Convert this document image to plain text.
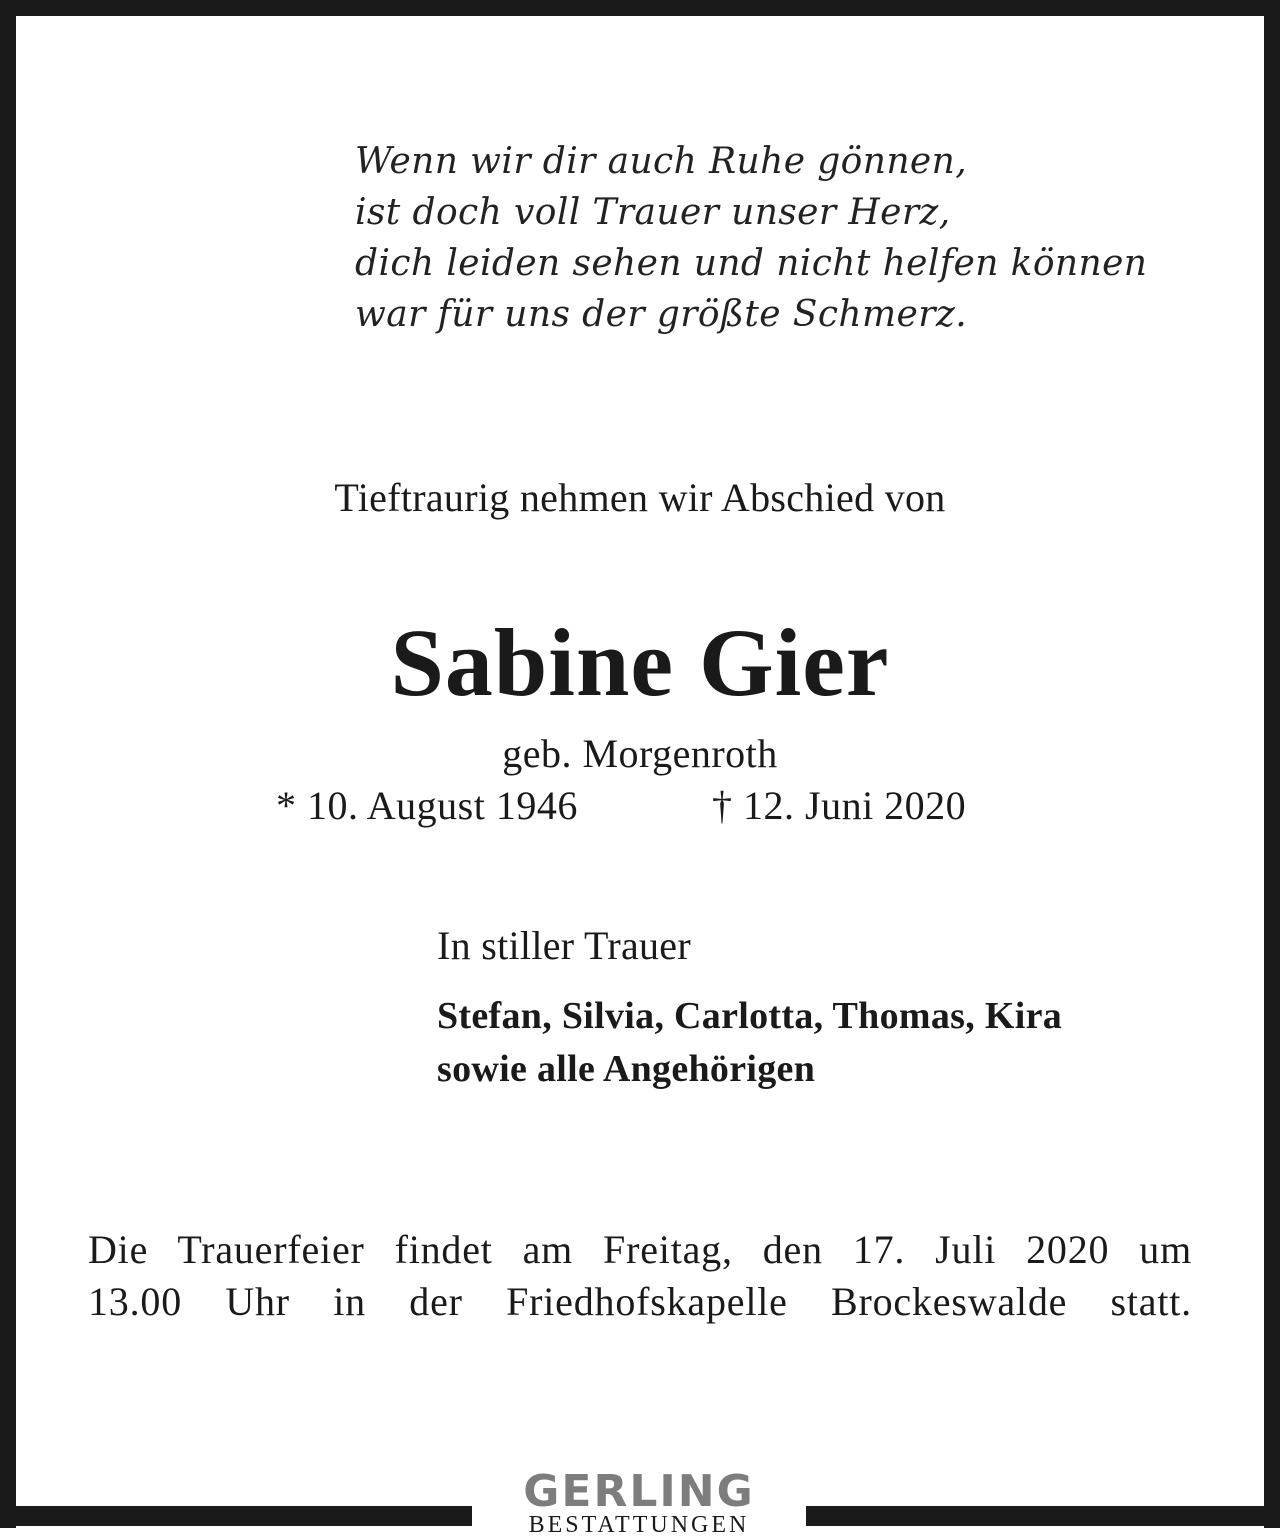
Wenn wir dir auch Ruhe gönnen,
ist doch voll Trauer unser Herz,
dich leiden sehen und nicht helfen können
war für uns der größte Schmerz.
Tieftraurig nehmen wir Abschied von
Sabine Gier
geb. Morgenroth
* 10. August 1946	† 12. Juni 2020
In stiller Trauer
Stefan, Silvia, Carlotta, Thomas, Kira
sowie alle Angehörigen
Die Trauerfeier findet am Freitag, den 17. Juli 2020 um
13.00 Uhr in der Friedhofskapelle Brockeswalde statt.
GERLING
BESTATTUNGEN
